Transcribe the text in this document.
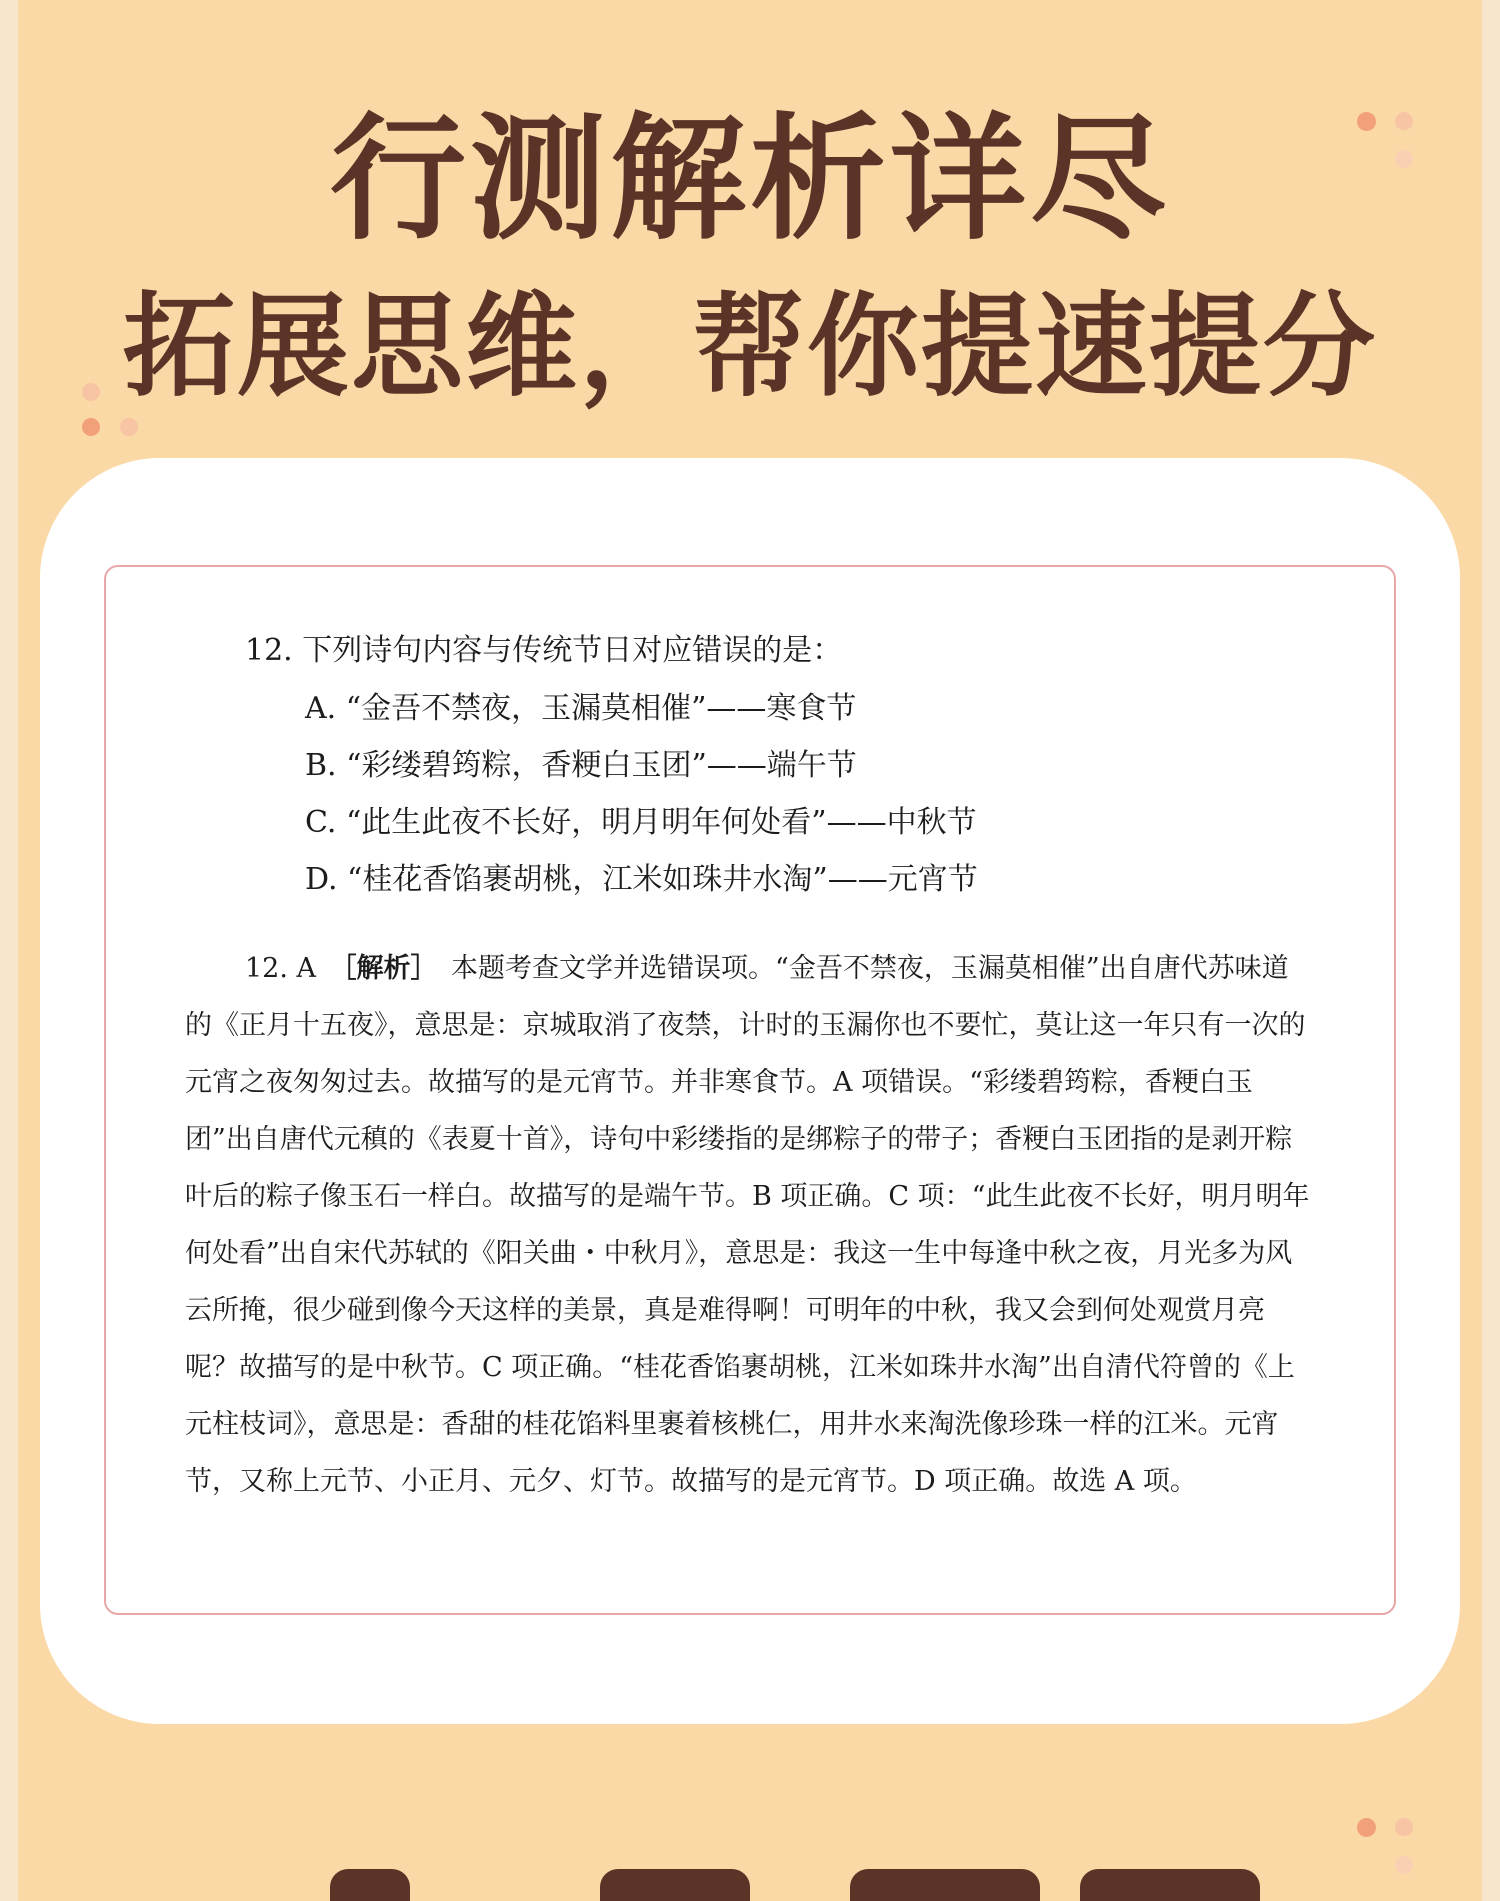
行测解析详尽
拓展思维，帮你提速提分
12. 下列诗句内容与传统节日对应错误的是：
A. “金吾不禁夜，玉漏莫相催”——寒食节
B. “彩缕碧筠粽，香粳白玉团”——端午节
C. “此生此夜不长好，明月明年何处看”——中秋节
D. “桂花香馅裹胡桃，江米如珠井水淘”——元宵节
12. A　 ［解析］　 本题考查文学并选错误项。“金吾不禁夜，玉漏莫相催”出自唐代苏味道的《正月十五夜》，意思是：京城取消了夜禁，计时的玉漏你也不要忙，莫让这一年只有一次的元宵之夜匆匆过去。故描写的是元宵节。并非寒食节。A 项错误。“彩缕碧筠粽，香粳白玉团”出自唐代元稹的《表夏十首》，诗句中彩缕指的是绑粽子的带子；香粳白玉团指的是剥开粽叶后的粽子像玉石一样白。故描写的是端午节。B 项正确。C 项：“此生此夜不长好，明月明年何处看”出自宋代苏轼的《阳关曲・中秋月》，意思是：我这一生中每逢中秋之夜，月光多为风云所掩，很少碰到像今天这样的美景，真是难得啊！可明年的中秋，我又会到何处观赏月亮呢？故描写的是中秋节。C 项正确。“桂花香馅裹胡桃，江米如珠井水淘”出自清代符曾的《上元柱枝词》，意思是：香甜的桂花馅料里裹着核桃仁，用井水来淘洗像珍珠一样的江米。元宵节，又称上元节、小正月、元夕、灯节。故描写的是元宵节。D 项正确。故选 A 项。
